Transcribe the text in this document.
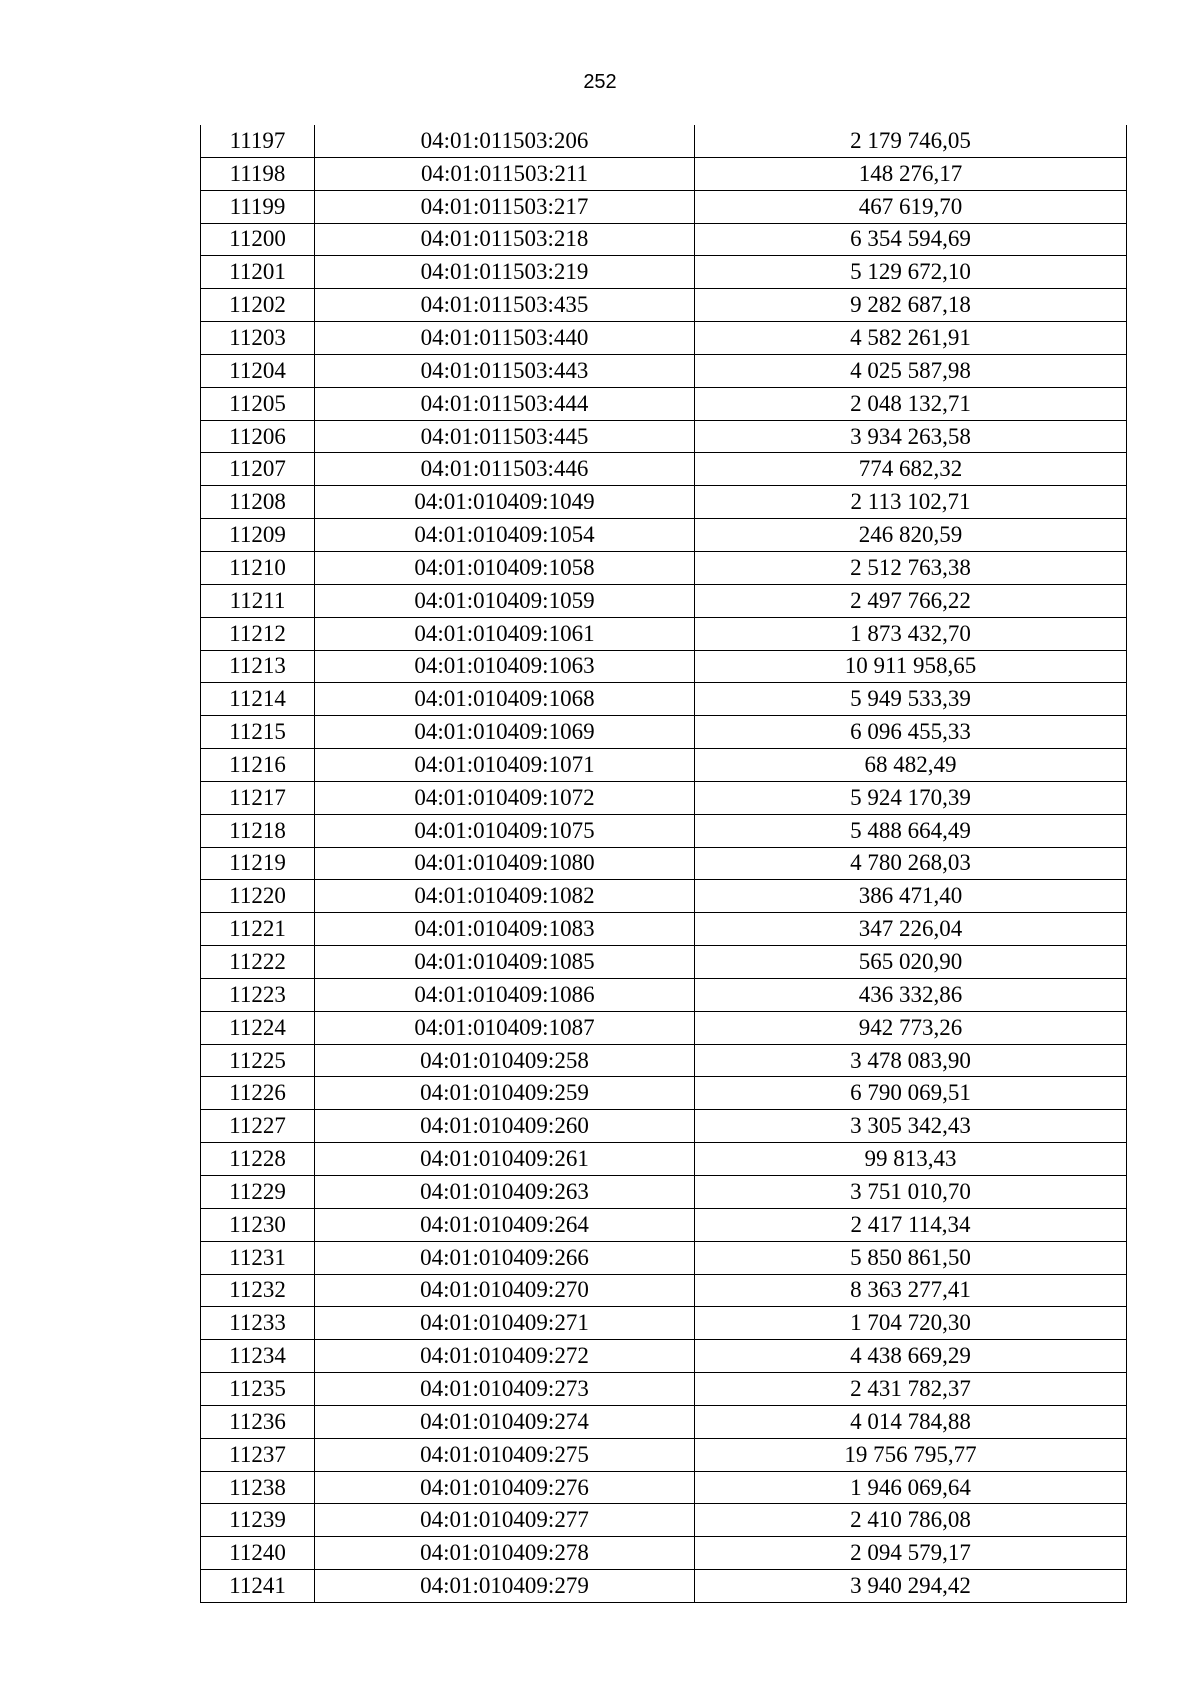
252
11197	04:01:011503:206	2 179 746,05
11198	04:01:011503:211	148 276,17
11199	04:01:011503:217	467 619,70
11200	04:01:011503:218	6 354 594,69
11201	04:01:011503:219	5 129 672,10
11202	04:01:011503:435	9 282 687,18
11203	04:01:011503:440	4 582 261,91
11204	04:01:011503:443	4 025 587,98
11205	04:01:011503:444	2 048 132,71
11206	04:01:011503:445	3 934 263,58
11207	04:01:011503:446	774 682,32
11208	04:01:010409:1049	2 113 102,71
11209	04:01:010409:1054	246 820,59
11210	04:01:010409:1058	2 512 763,38
11211	04:01:010409:1059	2 497 766,22
11212	04:01:010409:1061	1 873 432,70
11213	04:01:010409:1063	10 911 958,65
11214	04:01:010409:1068	5 949 533,39
11215	04:01:010409:1069	6 096 455,33
11216	04:01:010409:1071	68 482,49
11217	04:01:010409:1072	5 924 170,39
11218	04:01:010409:1075	5 488 664,49
11219	04:01:010409:1080	4 780 268,03
11220	04:01:010409:1082	386 471,40
11221	04:01:010409:1083	347 226,04
11222	04:01:010409:1085	565 020,90
11223	04:01:010409:1086	436 332,86
11224	04:01:010409:1087	942 773,26
11225	04:01:010409:258	3 478 083,90
11226	04:01:010409:259	6 790 069,51
11227	04:01:010409:260	3 305 342,43
11228	04:01:010409:261	99 813,43
11229	04:01:010409:263	3 751 010,70
11230	04:01:010409:264	2 417 114,34
11231	04:01:010409:266	5 850 861,50
11232	04:01:010409:270	8 363 277,41
11233	04:01:010409:271	1 704 720,30
11234	04:01:010409:272	4 438 669,29
11235	04:01:010409:273	2 431 782,37
11236	04:01:010409:274	4 014 784,88
11237	04:01:010409:275	19 756 795,77
11238	04:01:010409:276	1 946 069,64
11239	04:01:010409:277	2 410 786,08
11240	04:01:010409:278	2 094 579,17
11241	04:01:010409:279	3 940 294,42
